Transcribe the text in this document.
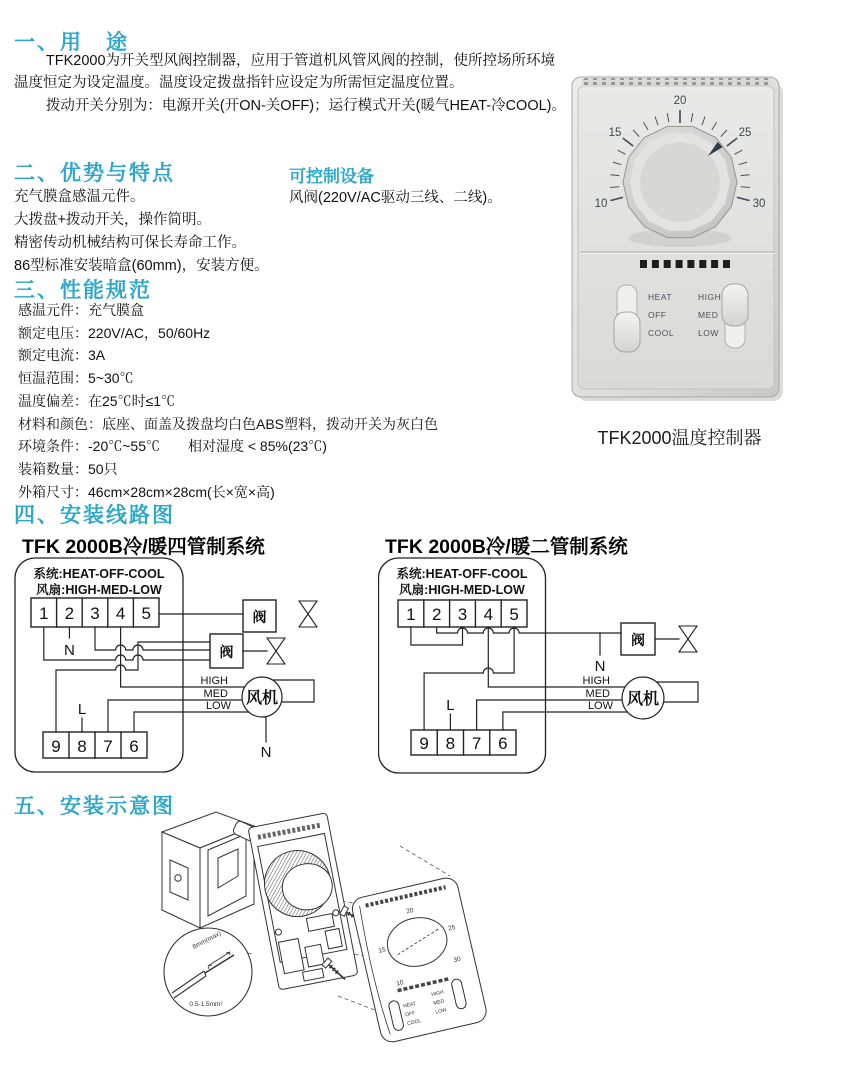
一、用　途

TFK2000为开关型风阀控制器，应用于管道机风管风阀的控制，使所控场所环境温度恒定为设定温度。温度设定拨盘指针应设定为所需恒定温度位置。

拨动开关分别为：电源开关(开ON-关OFF)；运行模式开关(暖气HEAT-冷COOL)。

二、优势与特点
充气膜盒感温元件。
大拨盘+拨动开关，操作简明。
精密传动机械结构可保长寿命工作。
86型标准安装暗盒(60mm)，安装方便。

可控制设备

风阀(220V/AC驱动三线、二线)。

三、性能规范
感温元件：充气膜盒
额定电压：220V/AC，50/60Hz
额定电流：3A
恒温范围：5~30℃
温度偏差：在25℃时≤1℃
材料和颜色：底座、面盖及拨盘均白色ABS塑料，拨动开关为灰白色
环境条件：-20℃~55℃　　相对湿度 < 85%(23℃)
装箱数量：50只
外箱尺寸：46cm×28cm×28cm(长×宽×高)
10
15
20
25
30
HEAT
OFF
COOL
HIGH
MED
LOW
TFK2000温度控制器
四、安装线路图

TFK 2000B冷/暖四管制系统	TFK 2000B冷/暖二管制系统

系统:HEAT-OFF-COOL
风扇:HIGH-MED-LOW
1 2 3 4 5	阀
阀
HIGH
MED
LOW 风机
9 8 7 6
N
L
N
系统:HEAT-OFF-COOL
风扇:HIGH-MED-LOW
1 2 3 4 5
阀
N
HIGH
MED
LOW 风机
9 8 7 6
L
五、安装示意图
20
15
25
30
10
HEAT
OFF
COOL
HIGH
MED
LOW
8mm(max)
0.5-1.5mm²
